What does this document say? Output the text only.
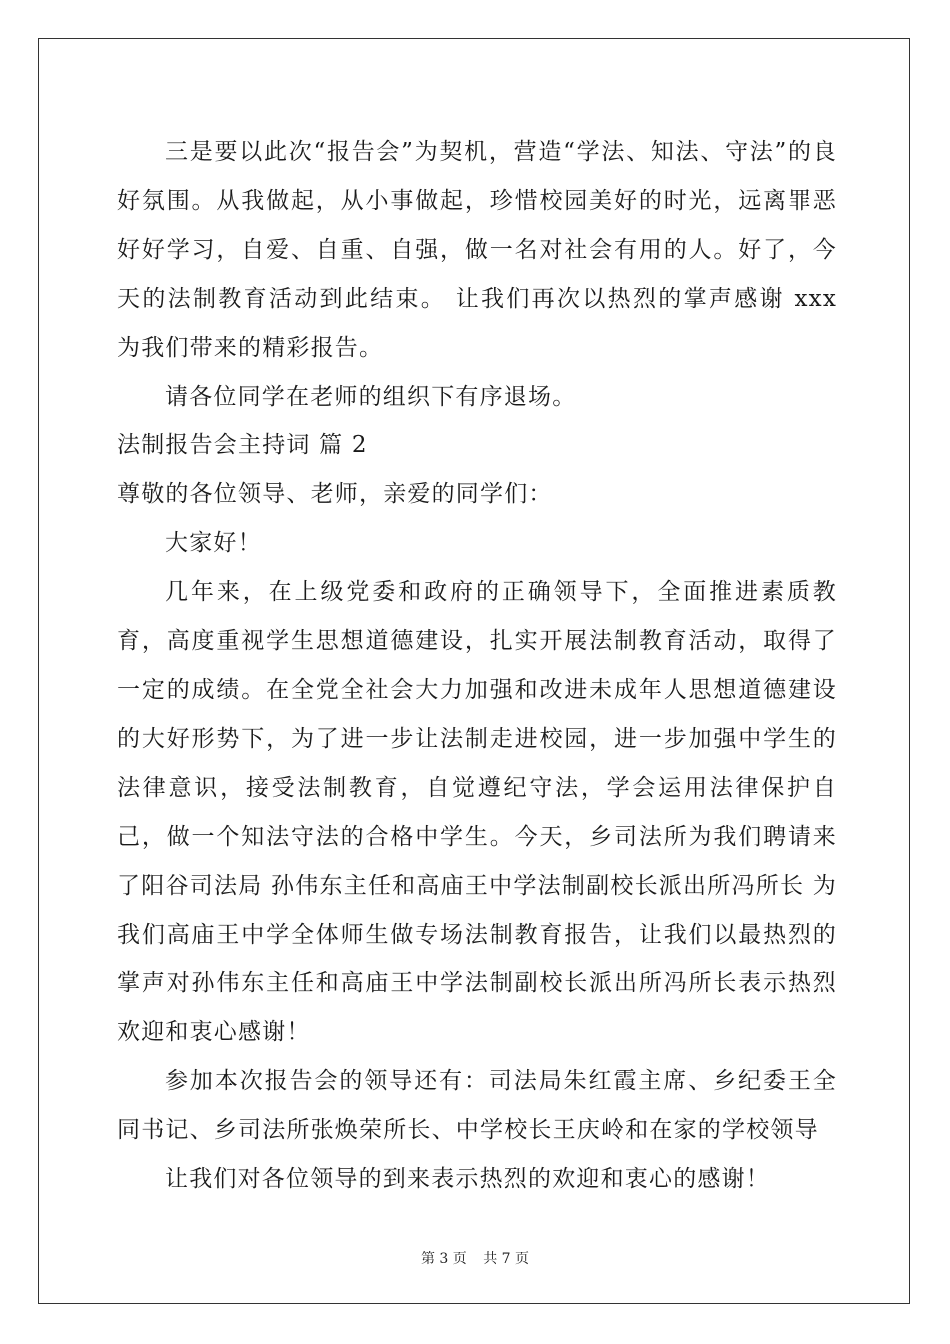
三是要以此次“报告会”为契机，营造“学法、知法、守法”的良好氛围。从我做起，从小事做起，珍惜校园美好的时光，远离罪恶好好学习，自爱、自重、自强，做一名对社会有用的人。好了，今天的法制教育活动到此结束。 让我们再次以热烈的掌声感谢 xxx 为我们带来的精彩报告。

请各位同学在老师的组织下有序退场。

法制报告会主持词 篇 2

尊敬的各位领导、老师，亲爱的同学们：

大家好！

几年来，在上级党委和政府的正确领导下，全面推进素质教育，高度重视学生思想道德建设，扎实开展法制教育活动，取得了一定的成绩。在全党全社会大力加强和改进未成年人思想道德建设的大好形势下，为了进一步让法制走进校园，进一步加强中学生的法律意识，接受法制教育，自觉遵纪守法，学会运用法律保护自己，做一个知法守法的合格中学生。今天，乡司法所为我们聘请来了阳谷司法局 孙伟东主任和高庙王中学法制副校长派出所冯所长 为我们高庙王中学全体师生做专场法制教育报告，让我们以最热烈的掌声对孙伟东主任和高庙王中学法制副校长派出所冯所长表示热烈欢迎和衷心感谢！

参加本次报告会的领导还有：司法局朱红霞主席、乡纪委王全同书记、乡司法所张焕荣所长、中学校长王庆岭和在家的学校领导

让我们对各位领导的到来表示热烈的欢迎和衷心的感谢！

第 3 页 共 7 页
